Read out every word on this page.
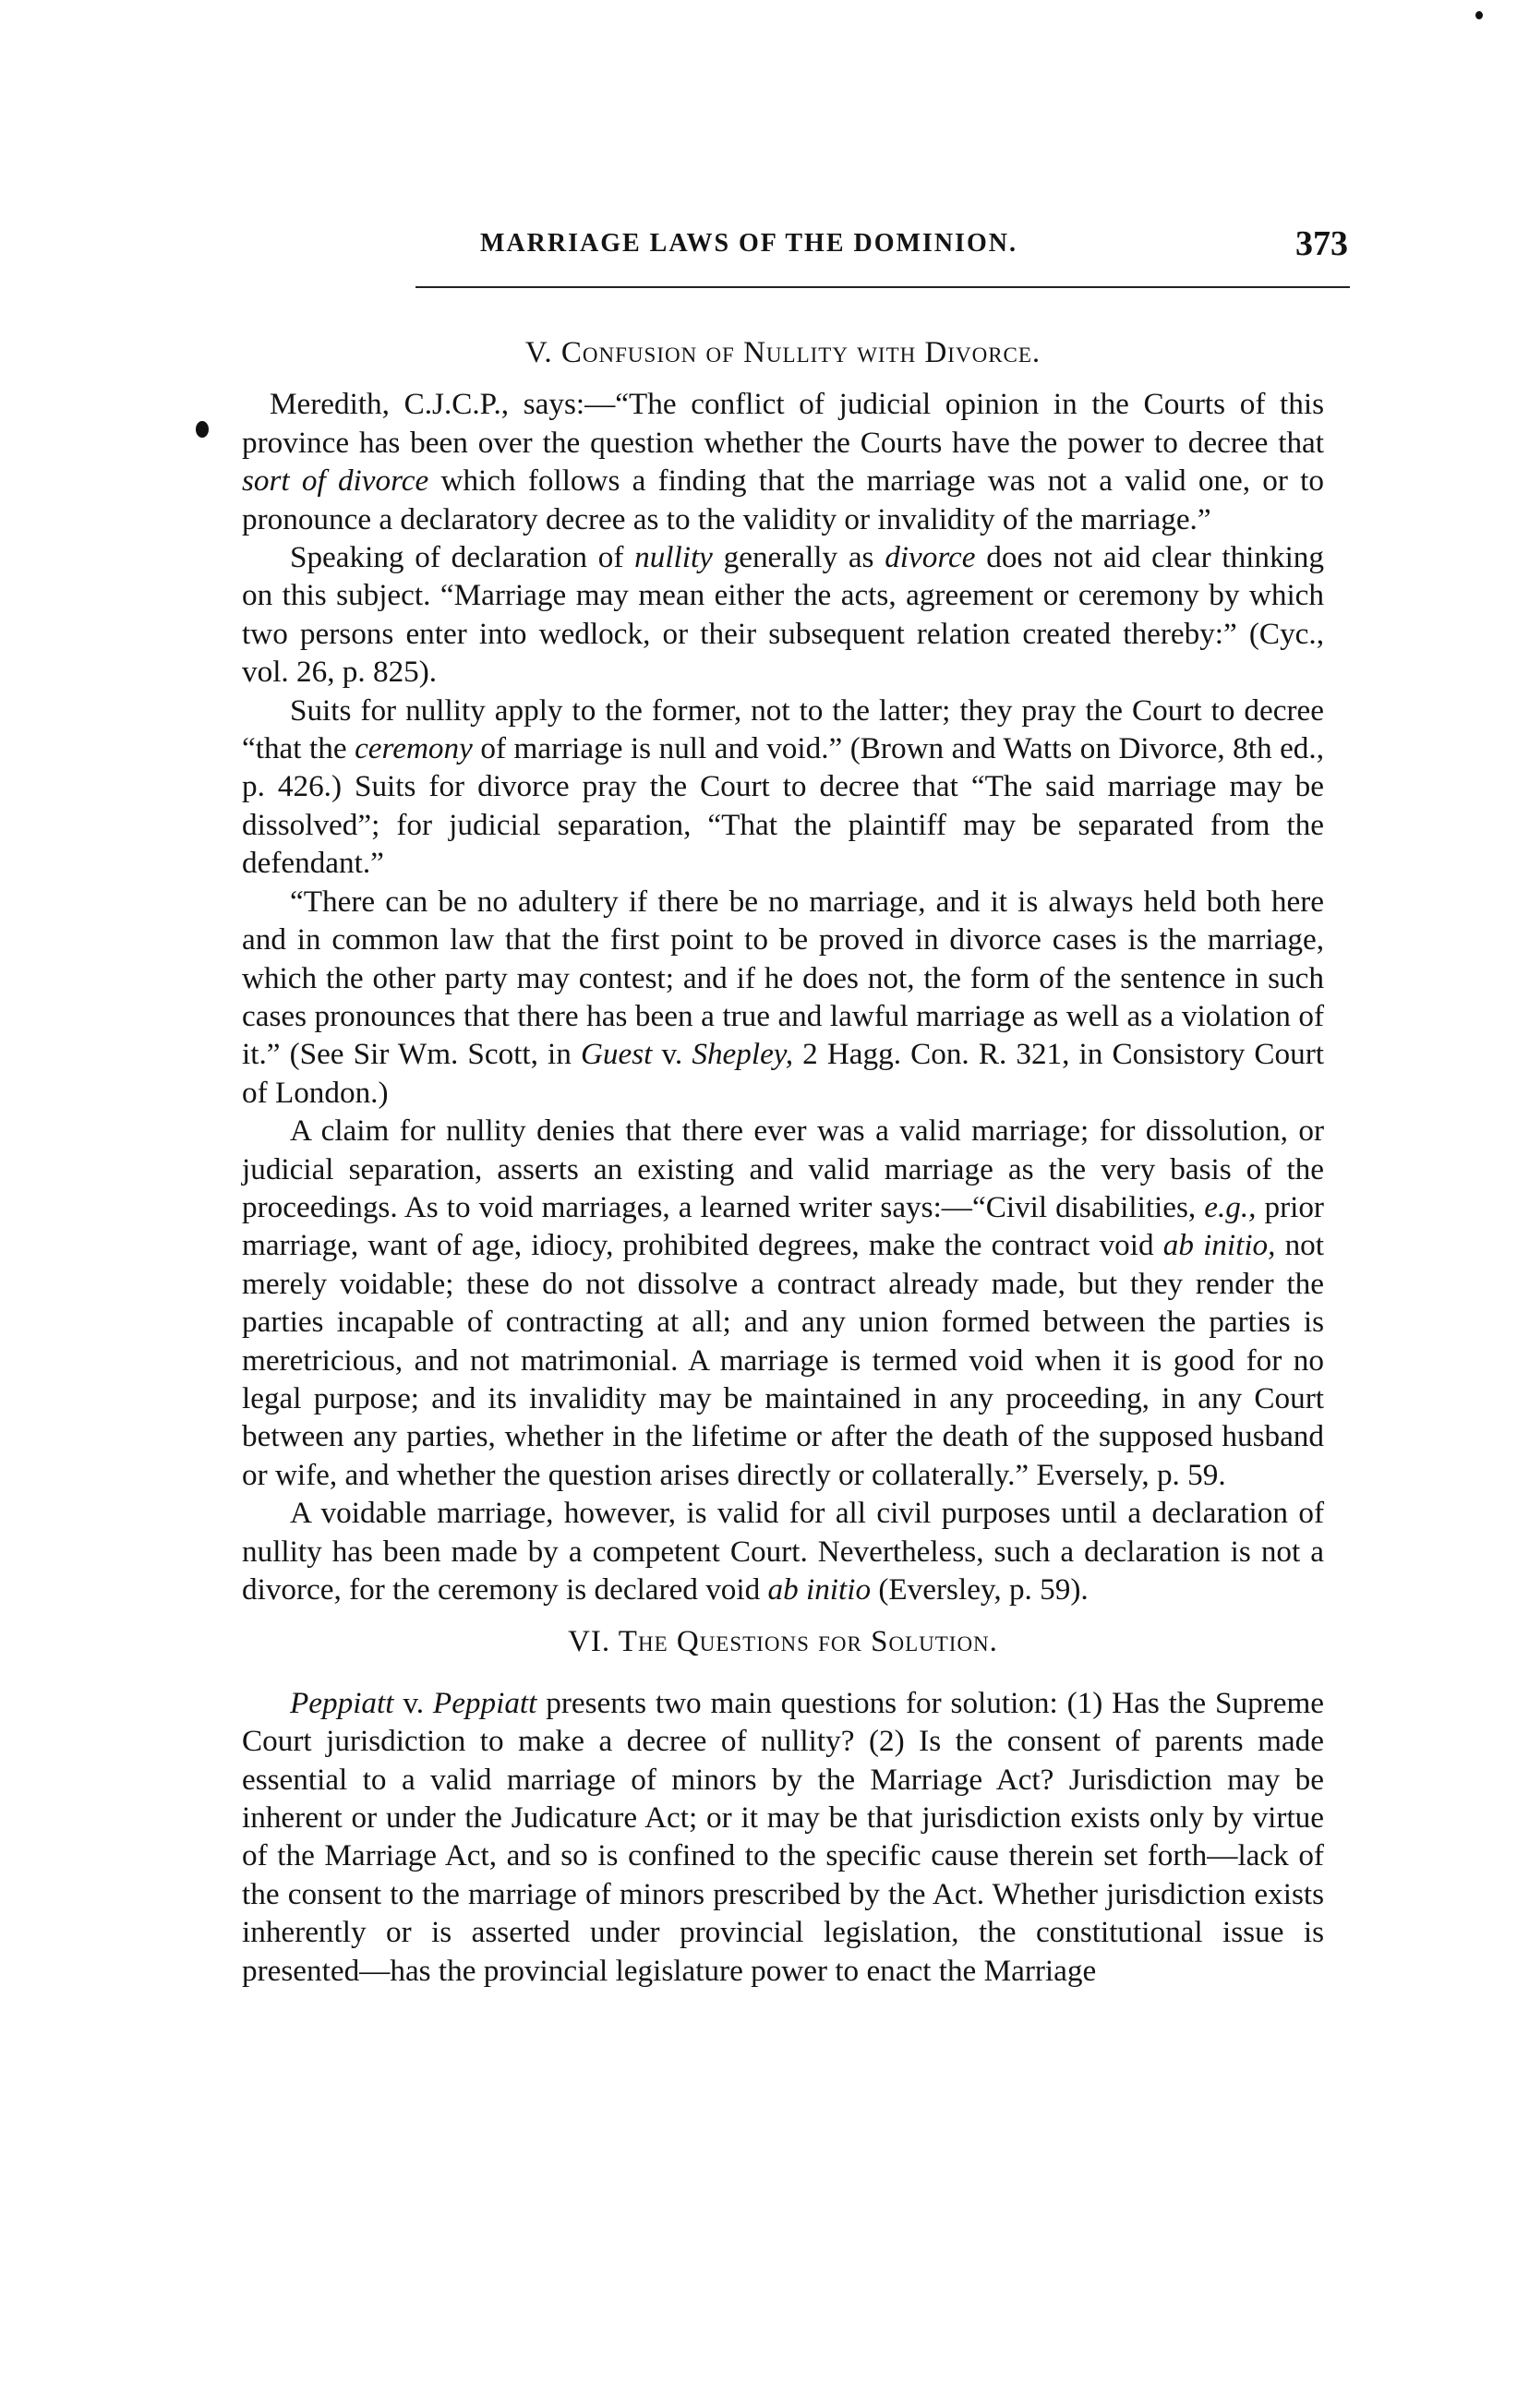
MARRIAGE LAWS OF THE DOMINION.	373
V. Confusion of Nullity with Divorce.

Meredith, C.J.C.P., says:—“The conflict of judicial opinion in the Courts of this province has been over the question whether the Courts have the power to decree that sort of divorce which follows a finding that the marriage was not a valid one, or to pronounce a declaratory decree as to the validity or invalidity of the marriage.”

Speaking of declaration of nullity generally as divorce does not aid clear thinking on this subject. “Marriage may mean either the acts, agreement or ceremony by which two persons enter into wedlock, or their subsequent relation created thereby:” (Cyc., vol. 26, p. 825).

Suits for nullity apply to the former, not to the latter; they pray the Court to decree “that the ceremony of marriage is null and void.” (Brown and Watts on Divorce, 8th ed., p. 426.) Suits for divorce pray the Court to decree that “The said marriage may be dissolved”; for judicial separation, “That the plaintiff may be separated from the defendant.”

“There can be no adultery if there be no marriage, and it is always held both here and in common law that the first point to be proved in divorce cases is the marriage, which the other party may contest; and if he does not, the form of the sentence in such cases pronounces that there has been a true and lawful marriage as well as a violation of it.” (See Sir Wm. Scott, in Guest v. Shepley, 2 Hagg. Con. R. 321, in Consistory Court of London.)

A claim for nullity denies that there ever was a valid marriage; for dissolution, or judicial separation, asserts an existing and valid marriage as the very basis of the proceedings. As to void marriages, a learned writer says:—“Civil disabilities, e.g., prior marriage, want of age, idiocy, prohibited degrees, make the contract void ab initio, not merely voidable; these do not dissolve a contract already made, but they render the parties incapable of contracting at all; and any union formed between the parties is meretricious, and not matrimonial. A marriage is termed void when it is good for no legal purpose; and its invalidity may be maintained in any proceeding, in any Court between any parties, whether in the lifetime or after the death of the supposed husband or wife, and whether the question arises directly or collaterally.” Eversely, p. 59.

A voidable marriage, however, is valid for all civil purposes until a declaration of nullity has been made by a competent Court. Nevertheless, such a declaration is not a divorce, for the ceremony is declared void ab initio (Eversley, p. 59).

VI. The Questions for Solution.

Peppiatt v. Peppiatt presents two main questions for solution: (1) Has the Supreme Court jurisdiction to make a decree of nullity? (2) Is the consent of parents made essential to a valid marriage of minors by the Marriage Act? Jurisdiction may be inherent or under the Judicature Act; or it may be that jurisdiction exists only by virtue of the Marriage Act, and so is confined to the specific cause therein set forth—lack of the consent to the marriage of minors prescribed by the Act. Whether jurisdiction exists inherently or is asserted under provincial legislation, the constitutional issue is presented—has the provincial legislature power to enact the Marriage
